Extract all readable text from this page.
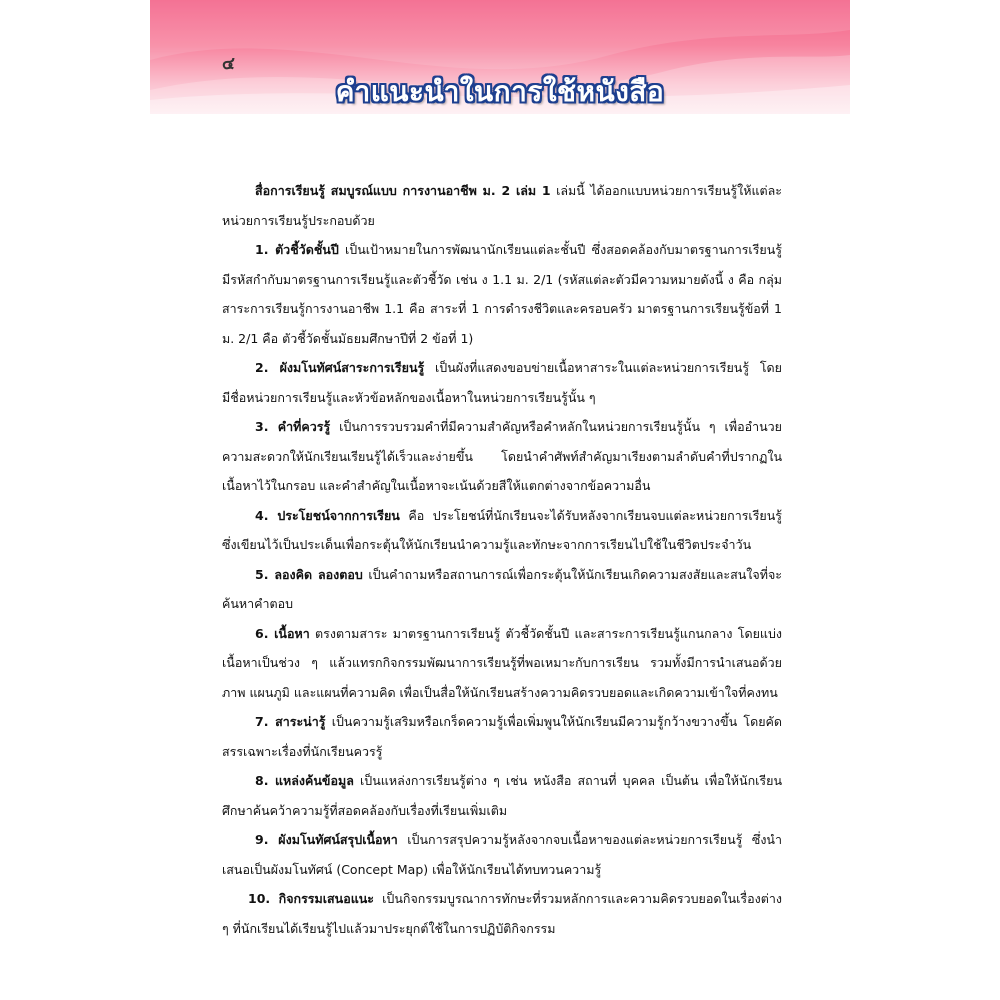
๔
คำแนะนำในการใช้หนังสือ

สื่อการเรียนรู้ สมบูรณ์แบบ การงานอาชีพ ม. 2 เล่ม 1 เล่มนี้ ได้ออกแบบหน่วยการเรียนรู้ให้แต่ละหน่วยการเรียนรู้ประกอบด้วย

1. ตัวชี้วัดชั้นปี เป็นเป้าหมายในการพัฒนานักเรียนแต่ละชั้นปี ซึ่งสอดคล้องกับมาตรฐานการเรียนรู้ มีรหัสกำกับมาตรฐานการเรียนรู้และตัวชี้วัด เช่น ง 1.1 ม. 2/1 (รหัสแต่ละตัวมีความหมายดังนี้ ง คือ กลุ่มสาระการเรียนรู้การงานอาชีพ 1.1 คือ สาระที่ 1 การดำรงชีวิตและครอบครัว มาตรฐานการเรียนรู้ข้อที่ 1 ม. 2/1 คือ ตัวชี้วัดชั้นมัธยมศึกษาปีที่ 2 ข้อที่ 1)

2. ผังมโนทัศน์สาระการเรียนรู้ เป็นผังที่แสดงขอบข่ายเนื้อหาสาระในแต่ละหน่วยการเรียนรู้ โดยมีชื่อหน่วยการเรียนรู้และหัวข้อหลักของเนื้อหาในหน่วยการเรียนรู้นั้น ๆ

3. คำที่ควรรู้ เป็นการรวบรวมคำที่มีความสำคัญหรือคำหลักในหน่วยการเรียนรู้นั้น ๆ เพื่ออำนวยความสะดวกให้นักเรียนเรียนรู้ได้เร็วและง่ายขึ้น โดยนำคำศัพท์สำคัญมาเรียงตามลำดับคำที่ปรากฏในเนื้อหาไว้ในกรอบ และคำสำคัญในเนื้อหาจะเน้นด้วยสีให้แตกต่างจากข้อความอื่น

4. ประโยชน์จากการเรียน คือ ประโยชน์ที่นักเรียนจะได้รับหลังจากเรียนจบแต่ละหน่วยการเรียนรู้ ซึ่งเขียนไว้เป็นประเด็นเพื่อกระตุ้นให้นักเรียนนำความรู้และทักษะจากการเรียนไปใช้ในชีวิตประจำวัน

5. ลองคิด ลองตอบ เป็นคำถามหรือสถานการณ์เพื่อกระตุ้นให้นักเรียนเกิดความสงสัยและสนใจที่จะค้นหาคำตอบ

6. เนื้อหา ตรงตามสาระ มาตรฐานการเรียนรู้ ตัวชี้วัดชั้นปี และสาระการเรียนรู้แกนกลาง โดยแบ่งเนื้อหาเป็นช่วง ๆ แล้วแทรกกิจกรรมพัฒนาการเรียนรู้ที่พอเหมาะกับการเรียน รวมทั้งมีการนำเสนอด้วยภาพ แผนภูมิ และแผนที่ความคิด เพื่อเป็นสื่อให้นักเรียนสร้างความคิดรวบยอดและเกิดความเข้าใจที่คงทน

7. สาระน่ารู้ เป็นความรู้เสริมหรือเกร็ดความรู้เพื่อเพิ่มพูนให้นักเรียนมีความรู้กว้างขวางขึ้น โดยคัดสรรเฉพาะเรื่องที่นักเรียนควรรู้

8. แหล่งค้นข้อมูล เป็นแหล่งการเรียนรู้ต่าง ๆ เช่น หนังสือ สถานที่ บุคคล เป็นต้น เพื่อให้นักเรียนศึกษาค้นคว้าความรู้ที่สอดคล้องกับเรื่องที่เรียนเพิ่มเติม

9. ผังมโนทัศน์สรุปเนื้อหา เป็นการสรุปความรู้หลังจากจบเนื้อหาของแต่ละหน่วยการเรียนรู้ ซึ่งนำเสนอเป็นผังมโนทัศน์ (Concept Map) เพื่อให้นักเรียนได้ทบทวนความรู้

10. กิจกรรมเสนอแนะ เป็นกิจกรรมบูรณาการทักษะที่รวมหลักการและความคิดรวบยอดในเรื่องต่าง ๆ ที่นักเรียนได้เรียนรู้ไปแล้วมาประยุกต์ใช้ในการปฏิบัติกิจกรรม
